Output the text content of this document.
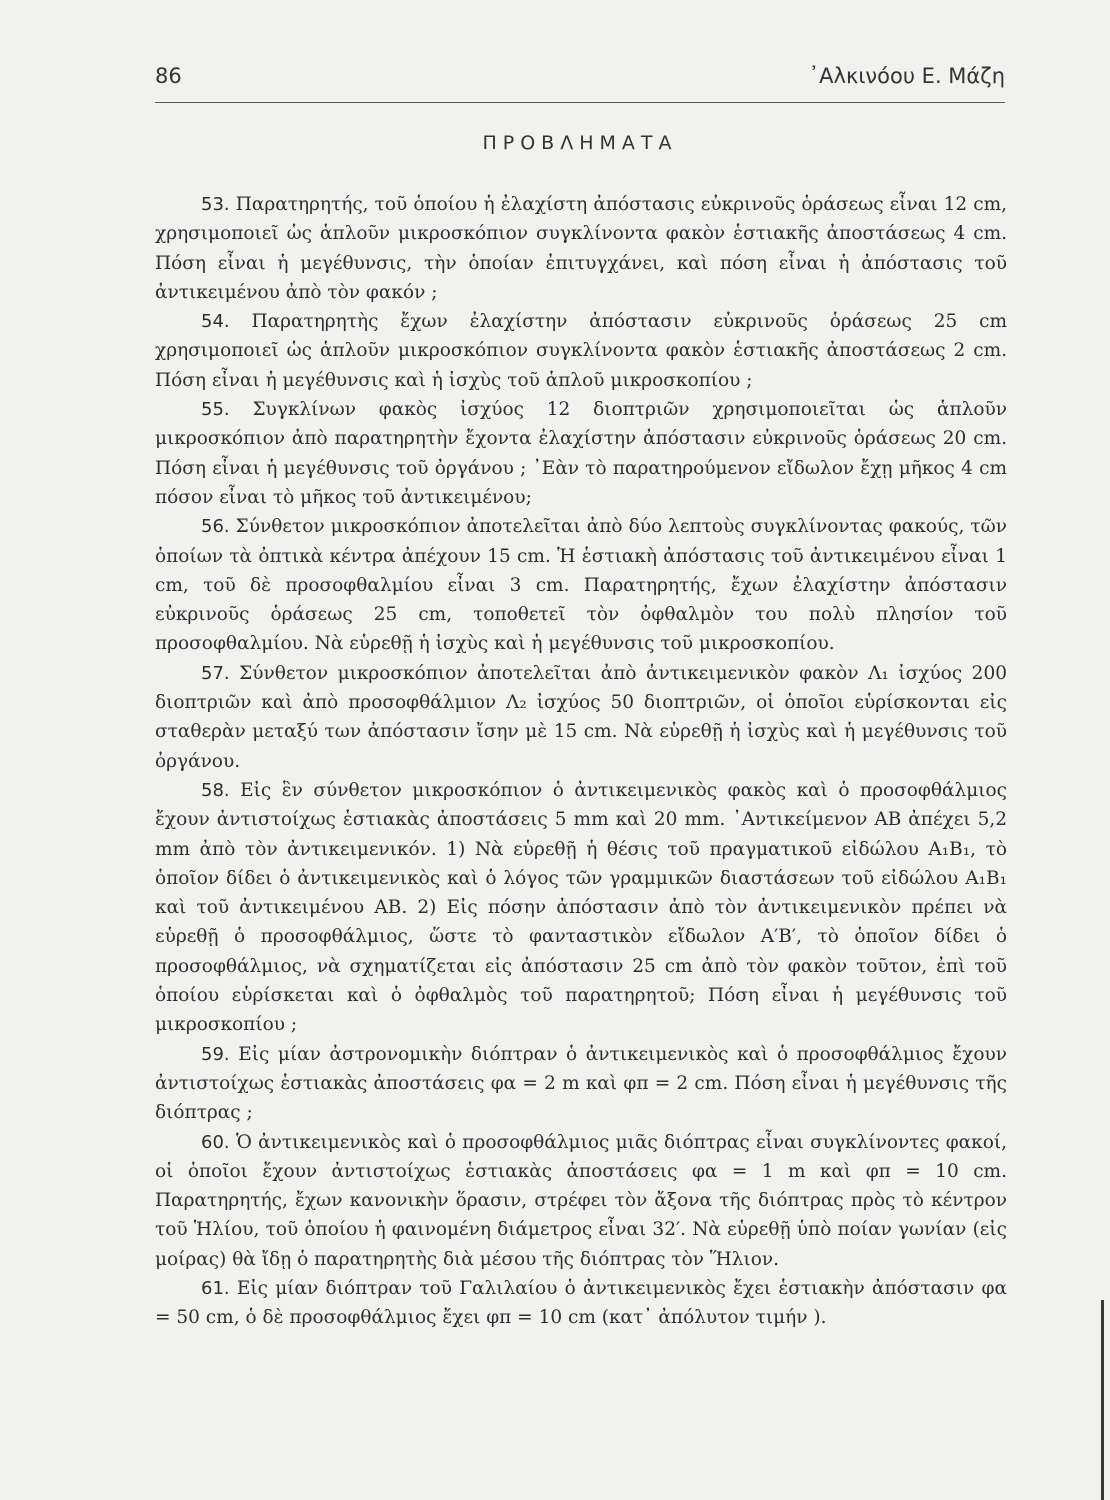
86	᾿Αλκινόου Ε. Μάζη
ΠΡΟΒΛΗΜΑΤΑ

53. Παρατηρητής, τοῦ ὁποίου ἡ ἐλαχίστη ἀπόστασις εὐκρινοῦς ὁράσεως εἶναι 12 cm, χρησιμοποιεῖ ὡς ἁπλοῦν μικροσκόπιον συγκλίνοντα φακὸν ἑστιακῆς ἀποστάσεως 4 cm. Πόση εἶναι ἡ μεγέθυνσις, τὴν ὁποίαν ἐπιτυγχάνει, καὶ πόση εἶναι ἡ ἀπόστασις τοῦ ἀντικειμένου ἀπὸ τὸν φακόν ;

54. Παρατηρητὴς ἔχων ἐλαχίστην ἀπόστασιν εὐκρινοῦς ὁράσεως 25 cm χρησιμοποιεῖ ὡς ἁπλοῦν μικροσκόπιον συγκλίνοντα φακὸν ἑστιακῆς ἀποστάσεως 2 cm. Πόση εἶναι ἡ μεγέθυνσις καὶ ἡ ἰσχὺς τοῦ ἁπλοῦ μικροσκοπίου ;

55. Συγκλίνων φακὸς ἰσχύος 12 διοπτριῶν χρησιμοποιεῖται ὡς ἁπλοῦν μικροσκόπιον ἀπὸ παρατηρητὴν ἔχοντα ἐλαχίστην ἀπόστασιν εὐκρινοῦς ὁράσεως 20 cm. Πόση εἶναι ἡ μεγέθυνσις τοῦ ὀργάνου ; ᾿Εὰν τὸ παρατηρούμενον εἴδωλον ἔχῃ μῆκος 4 cm πόσον εἶναι τὸ μῆκος τοῦ ἀντικειμένου;

56. Σύνθετον μικροσκόπιον ἀποτελεῖται ἀπὸ δύο λεπτοὺς συγκλίνοντας φακούς, τῶν ὁποίων τὰ ὀπτικὰ κέντρα ἀπέχουν 15 cm. Ἡ ἑστιακὴ ἀπόστασις τοῦ ἀντικειμένου εἶναι 1 cm, τοῦ δὲ προσοφθαλμίου εἶναι 3 cm. Παρατηρητής, ἔχων ἐλαχίστην ἀπόστασιν εὐκρινοῦς ὁράσεως 25 cm, τοποθετεῖ τὸν ὀφθαλμὸν του πολὺ πλησίον τοῦ προσοφθαλμίου. Νὰ εὑρεθῇ ἡ ἰσχὺς καὶ ἡ μεγέθυνσις τοῦ μικροσκοπίου.

57. Σύνθετον μικροσκόπιον ἀποτελεῖται ἀπὸ ἀντικειμενικὸν φακὸν Λ₁ ἰσχύος 200 διοπτριῶν καὶ ἀπὸ προσοφθάλμιον Λ₂ ἰσχύος 50 διοπτριῶν, οἱ ὁποῖοι εὑρίσκονται εἰς σταθερὰν μεταξύ των ἀπόστασιν ἴσην μὲ 15 cm. Νὰ εὑρεθῇ ἡ ἰσχὺς καὶ ἡ μεγέθυνσις τοῦ ὀργάνου.

58. Εἰς ἓν σύνθετον μικροσκόπιον ὁ ἀντικειμενικὸς φακὸς καὶ ὁ προσοφθάλμιος ἔχουν ἀντιστοίχως ἑστιακὰς ἀποστάσεις 5 mm καὶ 20 mm. ᾿Αντικείμενον ΑΒ ἀπέχει 5,2 mm ἀπὸ τὸν ἀντικειμενικόν. 1) Νὰ εὑρεθῇ ἡ θέσις τοῦ πραγματικοῦ εἰδώλου Α₁Β₁, τὸ ὁποῖον δίδει ὁ ἀντικειμενικὸς καὶ ὁ λόγος τῶν γραμμικῶν διαστάσεων τοῦ εἰδώλου Α₁Β₁ καὶ τοῦ ἀντικειμένου ΑΒ. 2) Εἰς πόσην ἀπόστασιν ἀπὸ τὸν ἀντικειμενικὸν πρέπει νὰ εὑρεθῇ ὁ προσοφθάλμιος, ὥστε τὸ φανταστικὸν εἴδωλον Α′Β′, τὸ ὁποῖον δίδει ὁ προσοφθάλμιος, νὰ σχηματίζεται εἰς ἀπόστασιν 25 cm ἀπὸ τὸν φακὸν τοῦτον, ἐπὶ τοῦ ὁποίου εὑρίσκεται καὶ ὁ ὀφθαλμὸς τοῦ παρατηρητοῦ; Πόση εἶναι ἡ μεγέθυνσις τοῦ μικροσκοπίου ;

59. Εἰς μίαν ἀστρονομικὴν διόπτραν ὁ ἀντικειμενικὸς καὶ ὁ προσοφθάλμιος ἔχουν ἀντιστοίχως ἑστιακὰς ἀποστάσεις φα = 2 m καὶ φπ = 2 cm. Πόση εἶναι ἡ μεγέθυνσις τῆς διόπτρας ;

60. Ὁ ἀντικειμενικὸς καὶ ὁ προσοφθάλμιος μιᾶς διόπτρας εἶναι συγκλίνοντες φακοί, οἱ ὁποῖοι ἔχουν ἀντιστοίχως ἑστιακὰς ἀποστάσεις φα = 1 m καὶ φπ = 10 cm. Παρατηρητής, ἔχων κανονικὴν ὅρασιν, στρέφει τὸν ἄξονα τῆς διόπτρας πρὸς τὸ κέντρον τοῦ Ἡλίου, τοῦ ὁποίου ἡ φαινομένη διάμετρος εἶναι 32′. Νὰ εὑρεθῇ ὑπὸ ποίαν γωνίαν (εἰς μοίρας) θὰ ἴδῃ ὁ παρατηρητὴς διὰ μέσου τῆς διόπτρας τὸν Ἥλιον.

61. Εἰς μίαν διόπτραν τοῦ Γαλιλαίου ὁ ἀντικειμενικὸς ἔχει ἑστιακὴν ἀπόστασιν φα = 50 cm, ὁ δὲ προσοφθάλμιος ἔχει φπ = 10 cm (κατ᾿ ἀπόλυτον τιμήν ).
